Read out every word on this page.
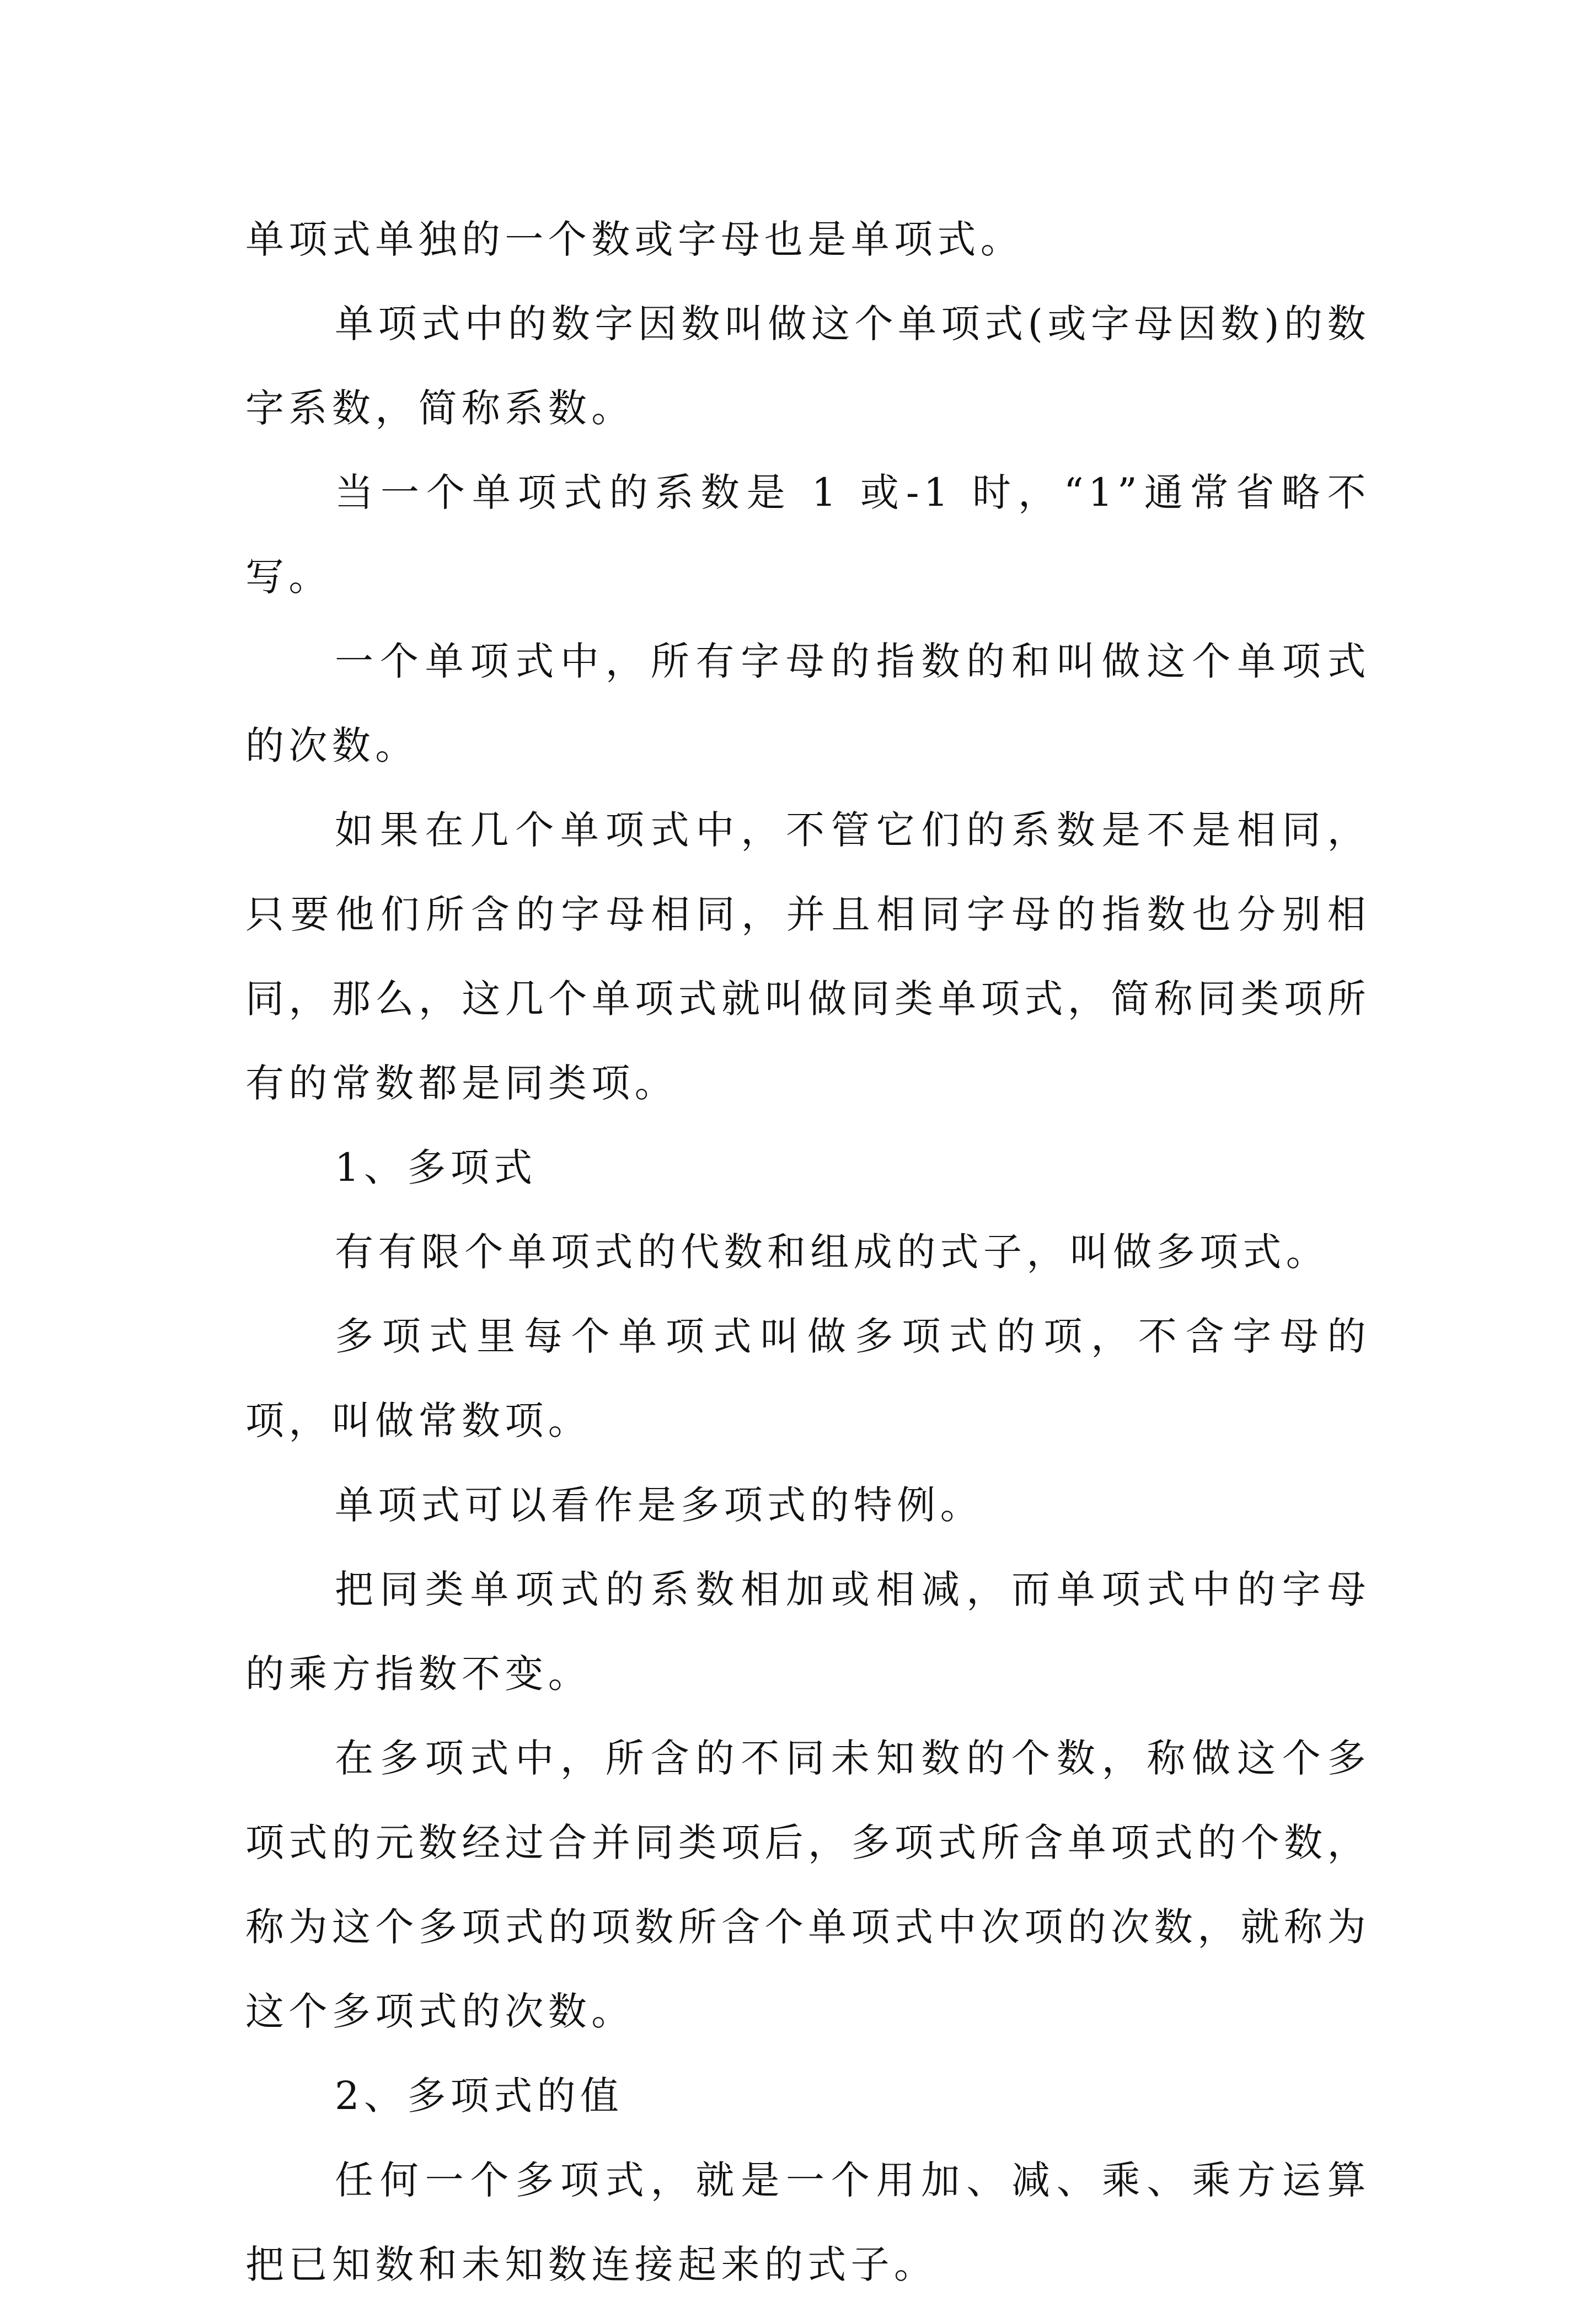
单项式单独的一个数或字母也是单项式。

单项式中的数字因数叫做这个单项式(或字母因数)的数字系数，简称系数。

当一个单项式的系数是 1 或-1 时，“1”通常省略不写。

一个单项式中，所有字母的指数的和叫做这个单项式的次数。

如果在几个单项式中，不管它们的系数是不是相同，只要他们所含的字母相同，并且相同字母的指数也分别相同，那么，这几个单项式就叫做同类单项式，简称同类项所有的常数都是同类项。

1、多项式

有有限个单项式的代数和组成的式子，叫做多项式。

多项式里每个单项式叫做多项式的项，不含字母的项，叫做常数项。

单项式可以看作是多项式的特例。

把同类单项式的系数相加或相减，而单项式中的字母的乘方指数不变。

在多项式中，所含的不同未知数的个数，称做这个多项式的元数经过合并同类项后，多项式所含单项式的个数，称为这个多项式的项数所含个单项式中次项的次数，就称为这个多项式的次数。

2、多项式的值

任何一个多项式，就是一个用加、减、乘、乘方运算把已知数和未知数连接起来的式子。
